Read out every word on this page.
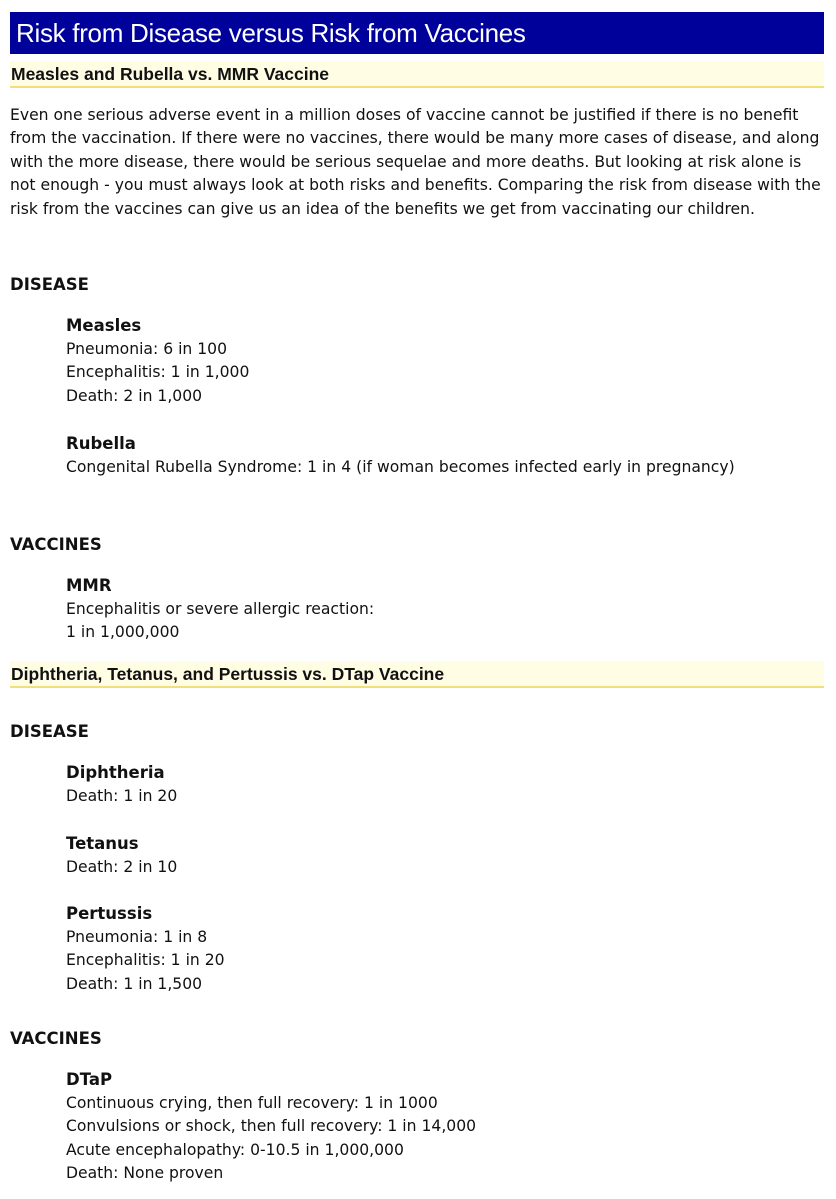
Risk from Disease versus Risk from Vaccines
Measles and Rubella vs. MMR Vaccine

Even one serious adverse event in a million doses of vaccine cannot be justified if there is no benefit from the vaccination. If there were no vaccines, there would be many more cases of disease, and along with the more disease, there would be serious sequelae and more deaths. But looking at risk alone is not enough - you must always look at both risks and benefits. Comparing the risk from disease with the risk from the vaccines can give us an idea of the benefits we get from vaccinating our children.

DISEASE

Measles

Pneumonia: 6 in 100

Encephalitis: 1 in 1,000

Death: 2 in 1,000

Rubella

Congenital Rubella Syndrome: 1 in 4 (if woman becomes infected early in pregnancy)

VACCINES

MMR

Encephalitis or severe allergic reaction:

1 in 1,000,000

Diphtheria, Tetanus, and Pertussis vs. DTap Vaccine

DISEASE

Diphtheria

Death: 1 in 20

Tetanus

Death: 2 in 10

Pertussis

Pneumonia: 1 in 8

Encephalitis: 1 in 20

Death: 1 in 1,500

VACCINES

DTaP

Continuous crying, then full recovery: 1 in 1000

Convulsions or shock, then full recovery: 1 in 14,000

Acute encephalopathy: 0-10.5 in 1,000,000

Death: None proven
